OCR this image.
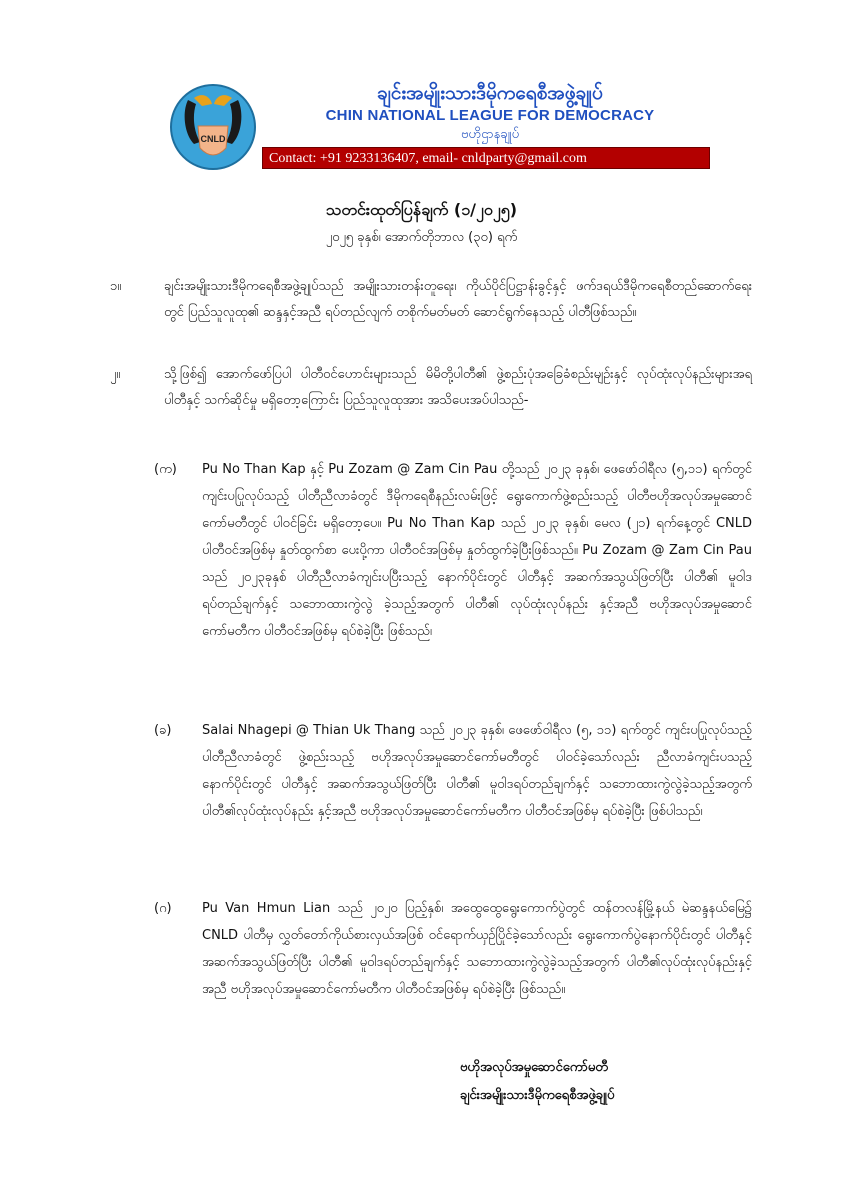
CNLD
ချင်းအမျိုးသားဒီမိုကရေစီအဖွဲ့ချုပ်
CHIN NATIONAL LEAGUE FOR DEMOCRACY
ဗဟိုဌာနချုပ်
Contact: +91 9233136407, email- cnldparty@gmail.com
သတင်းထုတ်ပြန်ချက် (၁/၂၀၂၅)
၂၀၂၅ ခုနှစ်၊ အောက်တိုဘာလ (၃၀) ရက်
၁။	ချင်းအမျိုးသားဒီမိုကရေစီအဖွဲ့ချုပ်သည် အမျိုးသားတန်းတူရေး၊ ကိုယ်ပိုင်ပြဋ္ဌာန်းခွင့်နှင့် ဖက်ဒရယ်ဒီမိုကရေစီတည်ဆောက်ရေးတွင် ပြည်သူလူထု၏ ဆန္ဒနှင့်အညီ ရပ်တည်လျက် တစိုက်မတ်မတ် ဆောင်ရွက်နေသည့် ပါတီဖြစ်သည်။
၂။	သို့ဖြစ်၍ အောက်ဖော်ပြပါ ပါတီဝင်ဟောင်းများသည် မိမိတို့ပါတီ၏ ဖွဲ့စည်းပုံအခြေခံစည်းမျဉ်းနှင့် လုပ်ထုံးလုပ်နည်းများအရ ပါတီနှင့် သက်ဆိုင်မှု မရှိတော့ကြောင်း ပြည်သူလူထုအား အသိပေးအပ်ပါသည်-
(က)	Pu No Than Kap နှင့် Pu Zozam @ Zam Cin Pau တို့သည် ၂၀၂၃ ခုနှစ်၊ ဖေဖော်ဝါရီလ (၅,၁၁) ရက်တွင် ကျင်းပပြုလုပ်သည့် ပါတီညီလာခံတွင် ဒီမိုကရေစီနည်းလမ်းဖြင့် ရွေးကောက်ဖွဲ့စည်းသည့် ပါတီဗဟိုအလုပ်အမှုဆောင်ကော်မတီတွင် ပါဝင်ခြင်း မရှိတော့ပေ။ Pu No Than Kap သည် ၂၀၂၃ ခုနှစ်၊ မေလ (၂၁) ရက်နေ့တွင် CNLD ပါတီဝင်အဖြစ်မှ နှုတ်ထွက်စာ ပေးပို့ကာ ပါတီဝင်အဖြစ်မှ နှုတ်ထွက်ခဲ့ပြီးဖြစ်သည်။ Pu Zozam @ Zam Cin Pau သည် ၂၀၂၃ခုနှစ် ပါတီညီလာခံကျင်းပပြီးသည့် နောက်ပိုင်းတွင် ပါတီနှင့် အဆက်အသွယ်ဖြတ်ပြီး ပါတီ၏ မူဝါဒရပ်တည်ချက်နှင့် သဘောထားကွဲလွဲ ခဲ့သည့်အတွက် ပါတီ၏ လုပ်ထုံးလုပ်နည်း နှင့်အညီ ဗဟိုအလုပ်အမှုဆောင်ကော်မတီက ပါတီဝင်အဖြစ်မှ ရပ်စဲခဲ့ပြီး ဖြစ်သည်၊
(ခ)	Salai Nhagepi @ Thian Uk Thang သည် ၂၀၂၃ ခုနှစ်၊ ဖေဖော်ဝါရီလ (၅, ၁၁) ရက်တွင် ကျင်းပပြုလုပ်သည့် ပါတီညီလာခံတွင် ဖွဲ့စည်းသည့် ဗဟိုအလုပ်အမှုဆောင်ကော်မတီတွင် ပါဝင်ခဲ့သော်လည်း ညီလာခံကျင်းပသည့် နောက်ပိုင်းတွင် ပါတီနှင့် အဆက်အသွယ်ဖြတ်ပြီး ပါတီ၏ မူဝါဒရပ်တည်ချက်နှင့် သဘောထားကွဲလွဲခဲ့သည့်အတွက် ပါတီ၏လုပ်ထုံးလုပ်နည်း နှင့်အညီ ဗဟိုအလုပ်အမှုဆောင်ကော်မတီက ပါတီဝင်အဖြစ်မှ ရပ်စဲခဲ့ပြီး ဖြစ်ပါသည်၊
(ဂ)	Pu Van Hmun Lian သည် ၂၀၂၀ ပြည့်နှစ်၊ အထွေထွေရွေးကောက်ပွဲတွင် ထန်တလန်မြို့နယ် မဲဆန္ဒနယ်မြေ၌ CNLD ပါတီမှ လွှတ်တော်ကိုယ်စားလှယ်အဖြစ် ဝင်ရောက်ယှဉ်ပြိုင်ခဲ့သော်လည်း ရွေးကောက်ပွဲနောက်ပိုင်းတွင် ပါတီနှင့် အဆက်အသွယ်ဖြတ်ပြီး ပါတီ၏ မူဝါဒရပ်တည်ချက်နှင့် သဘောထားကွဲလွဲခဲ့သည့်အတွက် ပါတီ၏လုပ်ထုံးလုပ်နည်းနှင့်အညီ ဗဟိုအလုပ်အမှုဆောင်ကော်မတီက ပါတီဝင်အဖြစ်မှ ရပ်စဲခဲ့ပြီး ဖြစ်သည်။
ဗဟိုအလုပ်အမှုဆောင်ကော်မတီ
ချင်းအမျိုးသားဒီမိုကရေစီအဖွဲ့ချုပ်
